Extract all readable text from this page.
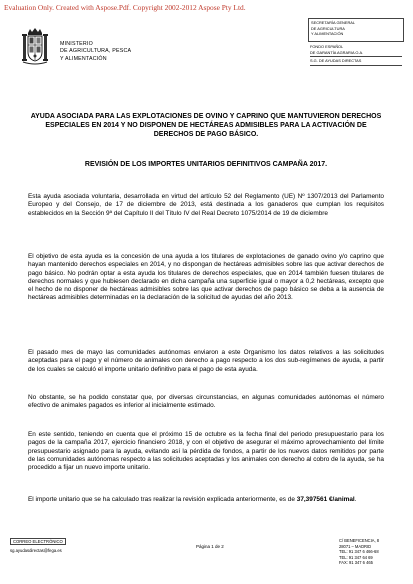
Evaluation Only. Created with Aspose.Pdf. Copyright 2002-2012 Aspose Pty Ltd.
MINISTERIO
DE AGRICULTURA, PESCA
Y ALIMENTACIÓN
SECRETARÍA GENERAL
DE AGRICULTURA
Y ALIMENTACIÓN
FONDO ESPAÑOL
DE GARANTÍA AGRARIA O.A.
S.G. DE AYUDAS DIRECTAS
AYUDA ASOCIADA PARA LAS EXPLOTACIONES DE OVINO Y CAPRINO QUE MANTUVIERON DERECHOS ESPECIALES EN 2014 Y NO DISPONEN DE HECTÁREAS ADMISIBLES PARA LA ACTIVACIÓN DE DERECHOS DE PAGO BÁSICO.
REVISIÓN DE LOS IMPORTES UNITARIOS DEFINITIVOS CAMPAÑA 2017.
Esta ayuda asociada voluntaria, desarrollada en virtud del artículo 52 del Reglamento (UE) Nº 1307/2013 del Parlamento Europeo y del Consejo, de 17 de diciembre de 2013, está destinada a los ganaderos que cumplan los requisitos establecidos en la Sección 9ª del Capítulo II del Título IV del Real Decreto 1075/2014 de 19 de diciembre
El objetivo de esta ayuda es la concesión de una ayuda a los titulares de explotaciones de ganado ovino y/o caprino que hayan mantenido derechos especiales en 2014, y no dispongan de hectáreas admisibles sobre las que activar derechos de pago básico. No podrán optar a esta ayuda los titulares de derechos especiales, que en 2014 también fuesen titulares de derechos normales y que hubiesen declarado en dicha campaña una superficie igual o mayor a 0,2 hectáreas, excepto que el hecho de no disponer de hectáreas admisibles sobre las que activar derechos de pago básico se deba a la ausencia de hectáreas admisibles determinadas en la declaración de la solicitud de ayudas del año 2013.
El pasado mes de mayo las comunidades autónomas enviaron a este Organismo los datos relativos a las solicitudes aceptadas para el pago y el número de animales con derecho a pago respecto a los dos sub-regímenes de ayuda, a partir de los cuales se calculó el importe unitario definitivo para el pago de esta ayuda.
No obstante, se ha podido constatar que, por diversas circunstancias, en algunas comunidades autónomas el número efectivo de animales pagados es inferior al inicialmente estimado.
En este sentido, teniendo en cuenta que el próximo 15 de octubre es la fecha final del periodo presupuestario para los pagos de la campaña 2017, ejercicio financiero 2018, y con el objetivo de asegurar el máximo aprovechamiento del límite presupuestario asignado para la ayuda, evitando así la pérdida de fondos, a partir de los nuevos datos remitidos por parte de las comunidades autónomas respecto a las solicitudes aceptadas y los animales con derecho al cobro de la ayuda, se ha procedido a fijar un nuevo importe unitario.
El importe unitario que se ha calculado tras realizar la revisión explicada anteriormente, es de 37,397561 €/animal.
CORREO ELECTRÓNICO
sg.ayudasdirectas@fega.es
Página 1 de 2
C/ BENEFICENCIA, 8
28071 – MADRID
TEL: 91 347 6 466-68
TEL: 91 347 64 69
FAX: 91 347 6 465
